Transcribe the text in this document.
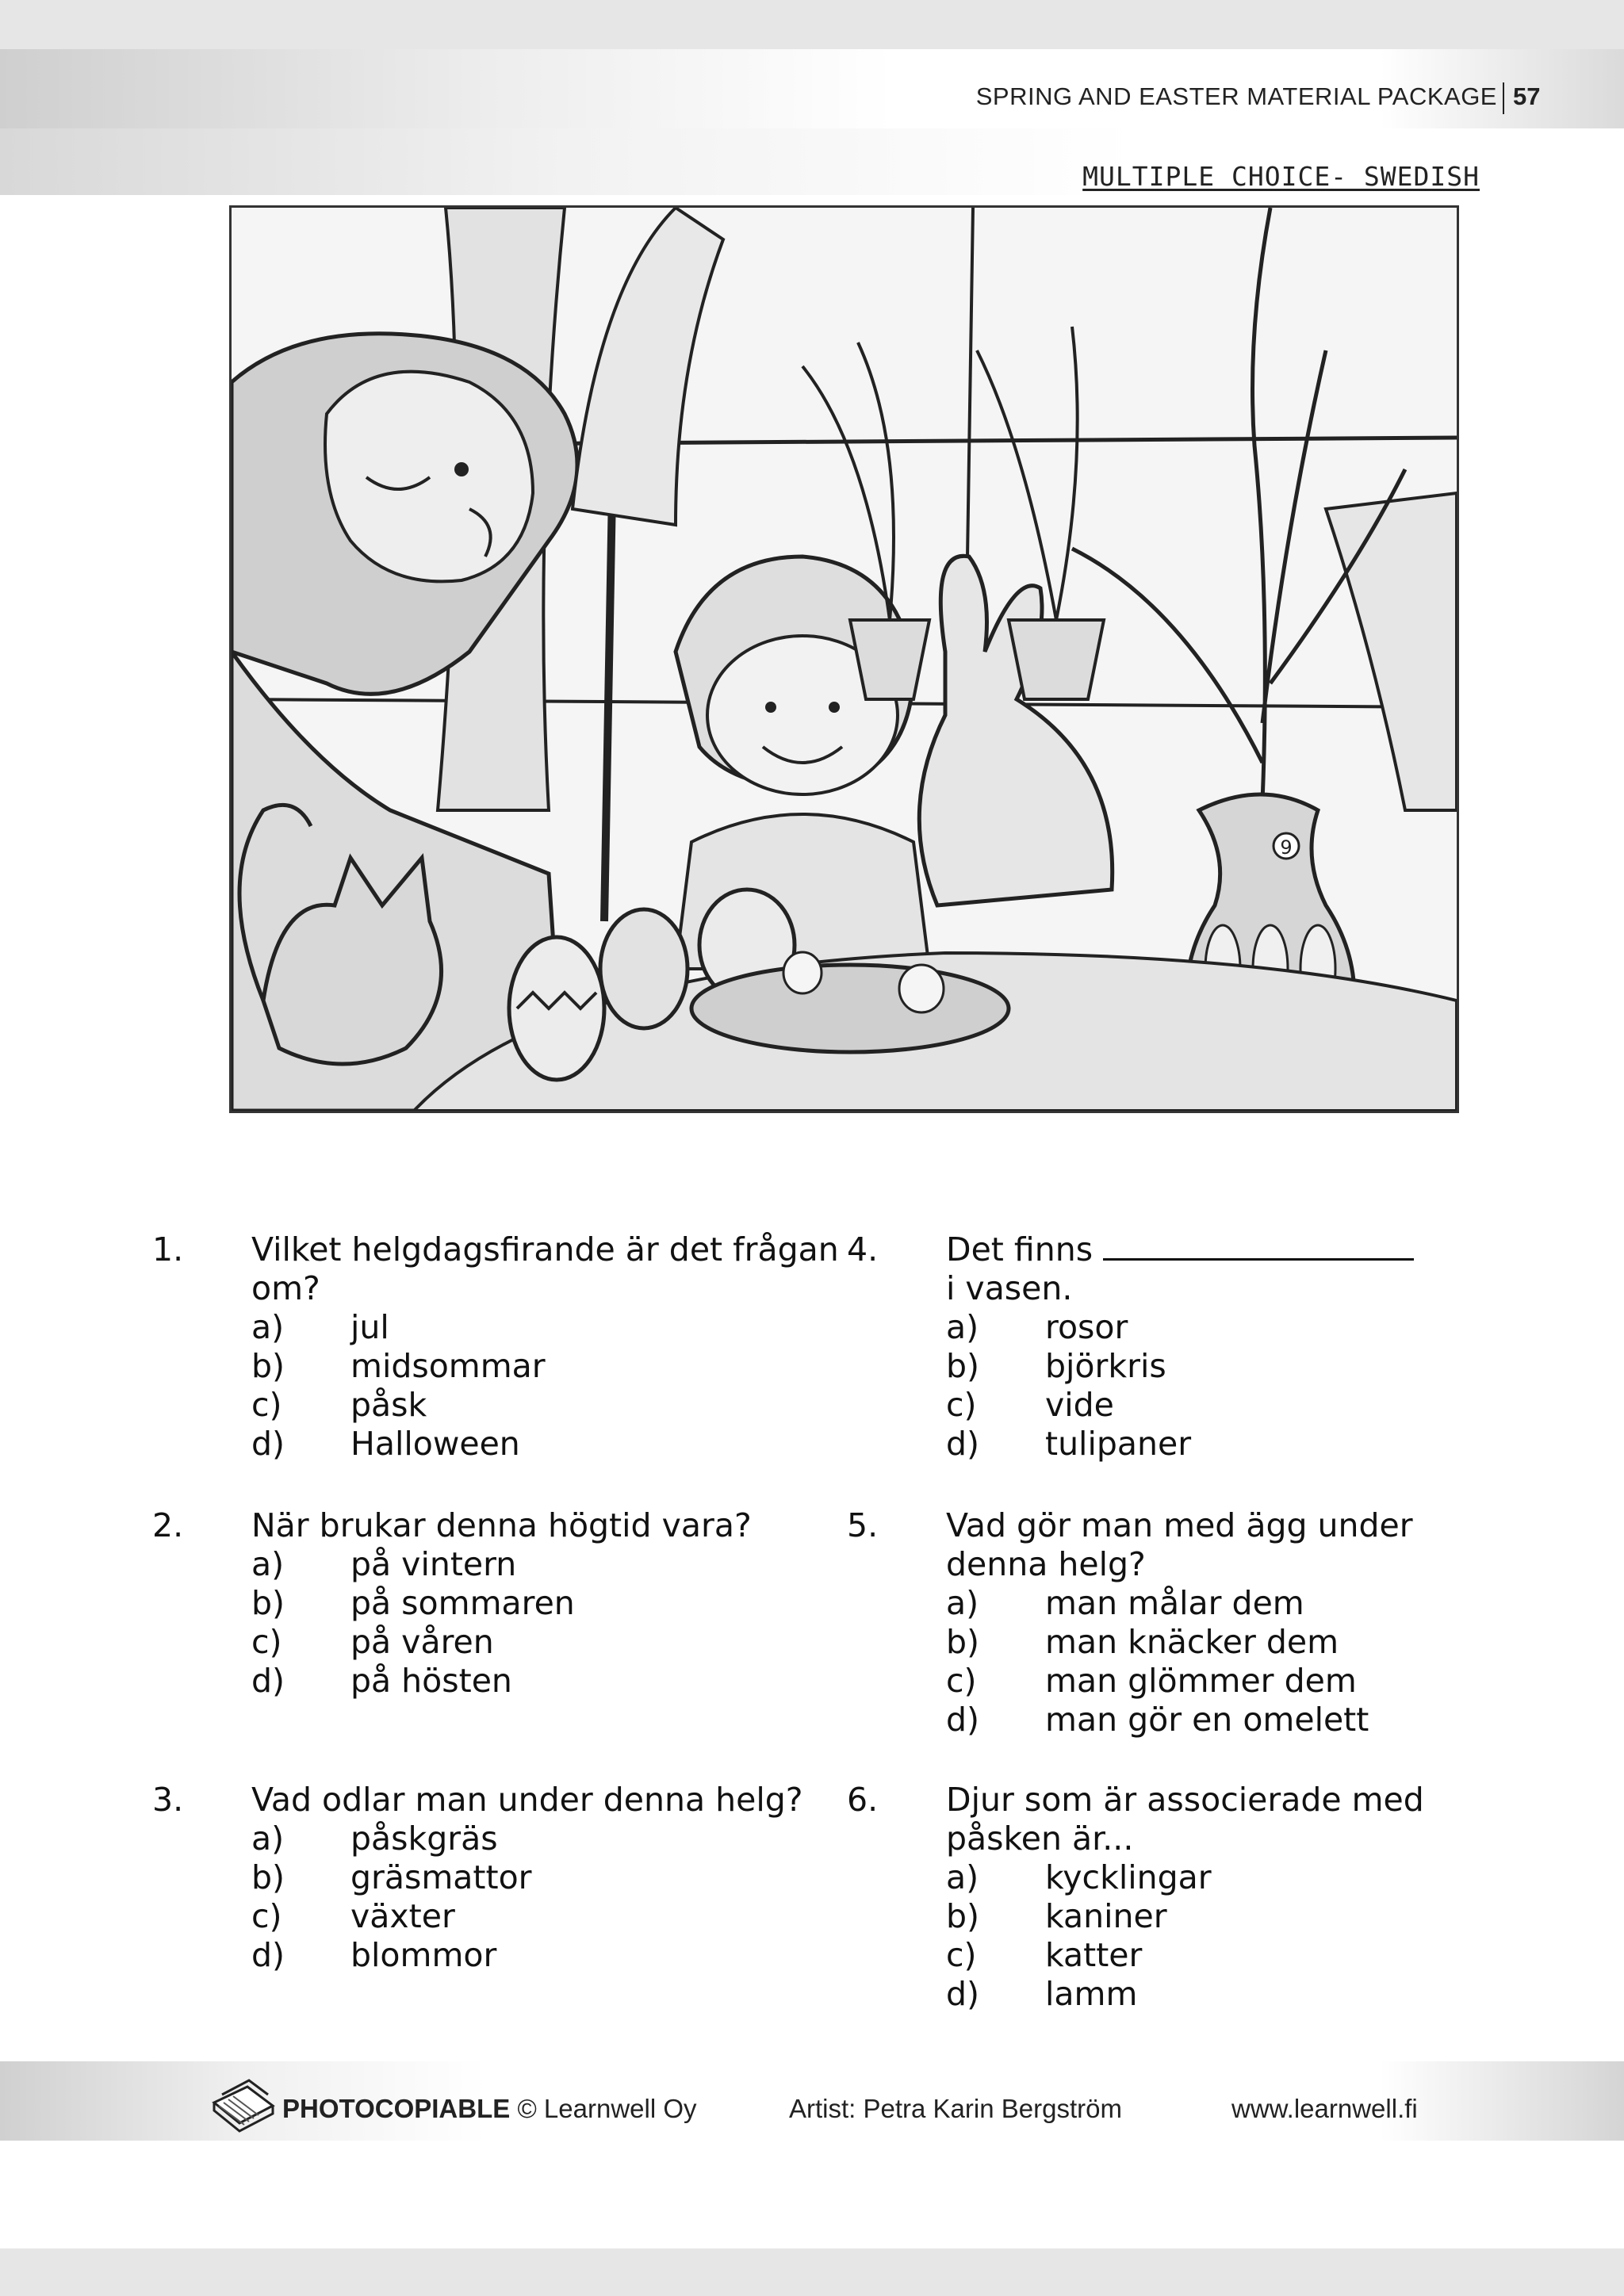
SPRING AND EASTER MATERIAL PACKAGE 57
MULTIPLE CHOICE- SWEDISH
9
1. Vilket helgdagsfirande är det frågan om?
a) jul
b) midsommar
c) påsk
d) Halloween
2. När brukar denna högtid vara?
a) på vintern
b) på sommaren
c) på våren
d) på hösten
3. Vad odlar man under denna helg?
a) påskgräs
b) gräsmattor
c) växter
d) blommor
4. Det finns
i vasen.
a) rosor
b) björkris
c) vide
d) tulipaner
5. Vad gör man med ägg under denna helg?
a) man målar dem
b) man knäcker dem
c) man glömmer dem
d) man gör en omelett
6. Djur som är associerade med påsken är...
a) kycklingar
b) kaniner
c) katter
d) lamm
PHOTOCOPIABLE © Learnwell Oy	Artist: Petra Karin Bergström	www.learnwell.fi
